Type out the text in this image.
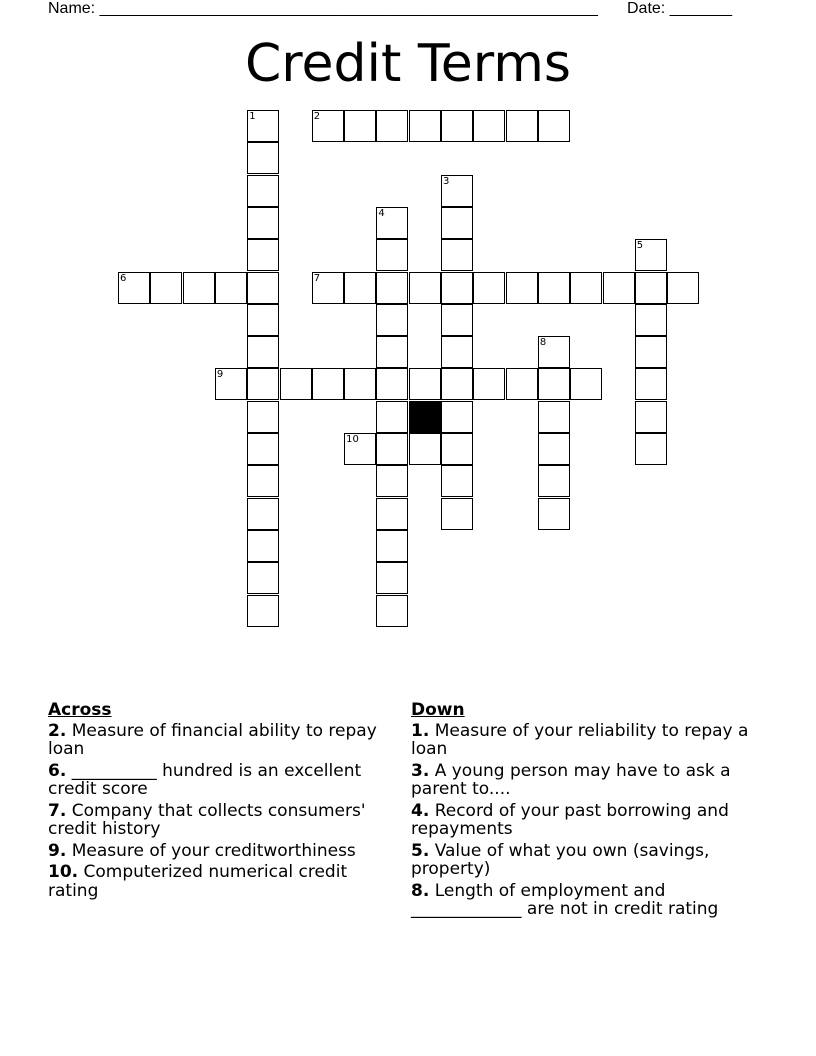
Name: ________________________________________________________ Date: _______
Credit Terms
1	2
3
4
5
6	7
8
9
10
Across
2. Measure of financial ability to repay loan
6. __________ hundred is an excellent credit score
7. Company that collects consumers' credit history
9. Measure of your creditworthiness
10. Computerized numerical credit rating
Down
1. Measure of your reliability to repay a loan
3. A young person may have to ask a parent to....
4. Record of your past borrowing and repayments
5. Value of what you own (savings, property)
8. Length of employment and _____________ are not in credit rating
